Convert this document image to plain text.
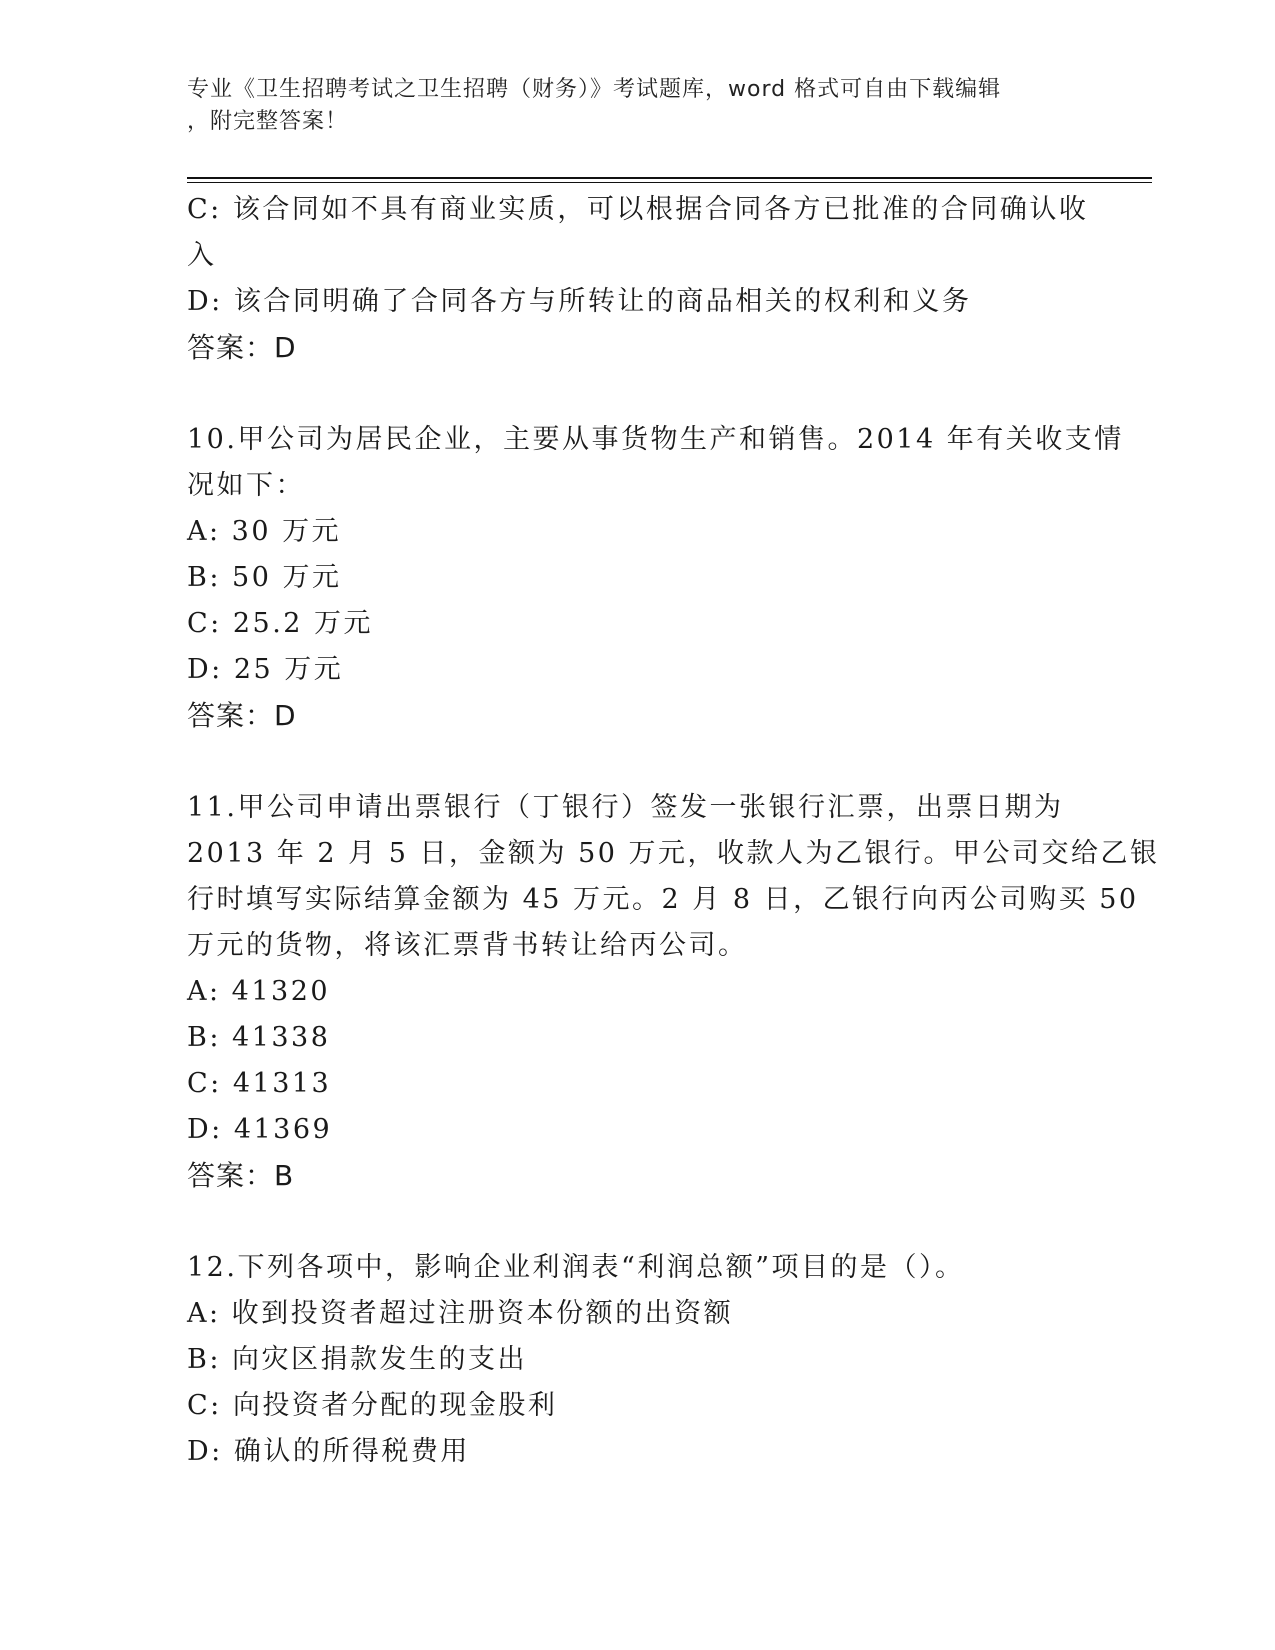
专业《卫生招聘考试之卫生招聘（财务）》考试题库，word 格式可自由下载编辑
，附完整答案！
C: 该合同如不具有商业实质，可以根据合同各方已批准的合同确认收
入
D: 该合同明确了合同各方与所转让的商品相关的权利和义务
答案：D
10.甲公司为居民企业，主要从事货物生产和销售。2014 年有关收支情
况如下：
A: 30 万元
B: 50 万元
C: 25.2 万元
D: 25 万元
答案：D
11.甲公司申请出票银行（丁银行）签发一张银行汇票，出票日期为
2013 年 2 月 5 日，金额为 50 万元，收款人为乙银行。甲公司交给乙银
行时填写实际结算金额为 45 万元。2 月 8 日，乙银行向丙公司购买 50
万元的货物，将该汇票背书转让给丙公司。
A: 41320
B: 41338
C: 41313
D: 41369
答案：B
12.下列各项中，影响企业利润表“利润总额”项目的是（）。
A: 收到投资者超过注册资本份额的出资额
B: 向灾区捐款发生的支出
C: 向投资者分配的现金股利
D: 确认的所得税费用
